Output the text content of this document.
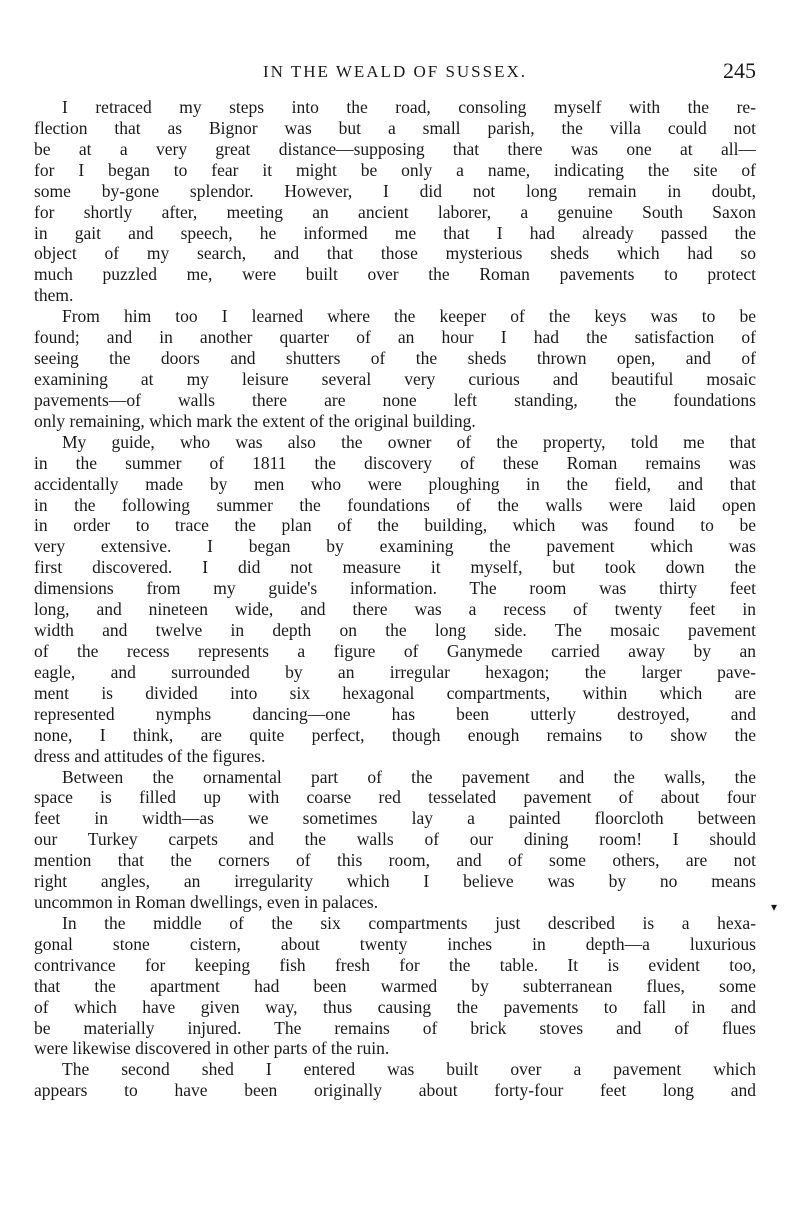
IN THE WEALD OF SUSSEX.	245
I retraced my steps into the road, consoling myself with the re-
flection that as Bignor was but a small parish, the villa could not
be at a very great distance—supposing that there was one at all—
for I began to fear it might be only a name, indicating the site of
some by-gone splendor. However, I did not long remain in doubt,
for shortly after, meeting an ancient laborer, a genuine South Saxon
in gait and speech, he informed me that I had already passed the
object of my search, and that those mysterious sheds which had so
much puzzled me, were built over the Roman pavements to protect
them.
From him too I learned where the keeper of the keys was to be
found; and in another quarter of an hour I had the satisfaction of
seeing the doors and shutters of the sheds thrown open, and of
examining at my leisure several very curious and beautiful mosaic
pavements—of walls there are none left standing, the foundations
only remaining, which mark the extent of the original building.
My guide, who was also the owner of the property, told me that
in the summer of 1811 the discovery of these Roman remains was
accidentally made by men who were ploughing in the field, and that
in the following summer the foundations of the walls were laid open
in order to trace the plan of the building, which was found to be
very extensive. I began by examining the pavement which was
first discovered. I did not measure it myself, but took down the
dimensions from my guide's information. The room was thirty feet
long, and nineteen wide, and there was a recess of twenty feet in
width and twelve in depth on the long side. The mosaic pavement
of the recess represents a figure of Ganymede carried away by an
eagle, and surrounded by an irregular hexagon; the larger pave-
ment is divided into six hexagonal compartments, within which are
represented nymphs dancing—one has been utterly destroyed, and
none, I think, are quite perfect, though enough remains to show the
dress and attitudes of the figures.
Between the ornamental part of the pavement and the walls, the
space is filled up with coarse red tesselated pavement of about four
feet in width—as we sometimes lay a painted floorcloth between
our Turkey carpets and the walls of our dining room! I should
mention that the corners of this room, and of some others, are not
right angles, an irregularity which I believe was by no means
uncommon in Roman dwellings, even in palaces.
In the middle of the six compartments just described is a hexa-
gonal stone cistern, about twenty inches in depth—a luxurious
contrivance for keeping fish fresh for the table. It is evident too,
that the apartment had been warmed by subterranean flues, some
of which have given way, thus causing the pavements to fall in and
be materially injured. The remains of brick stoves and of flues
were likewise discovered in other parts of the ruin.
The second shed I entered was built over a pavement which
appears to have been originally about forty-four feet long and
▾
